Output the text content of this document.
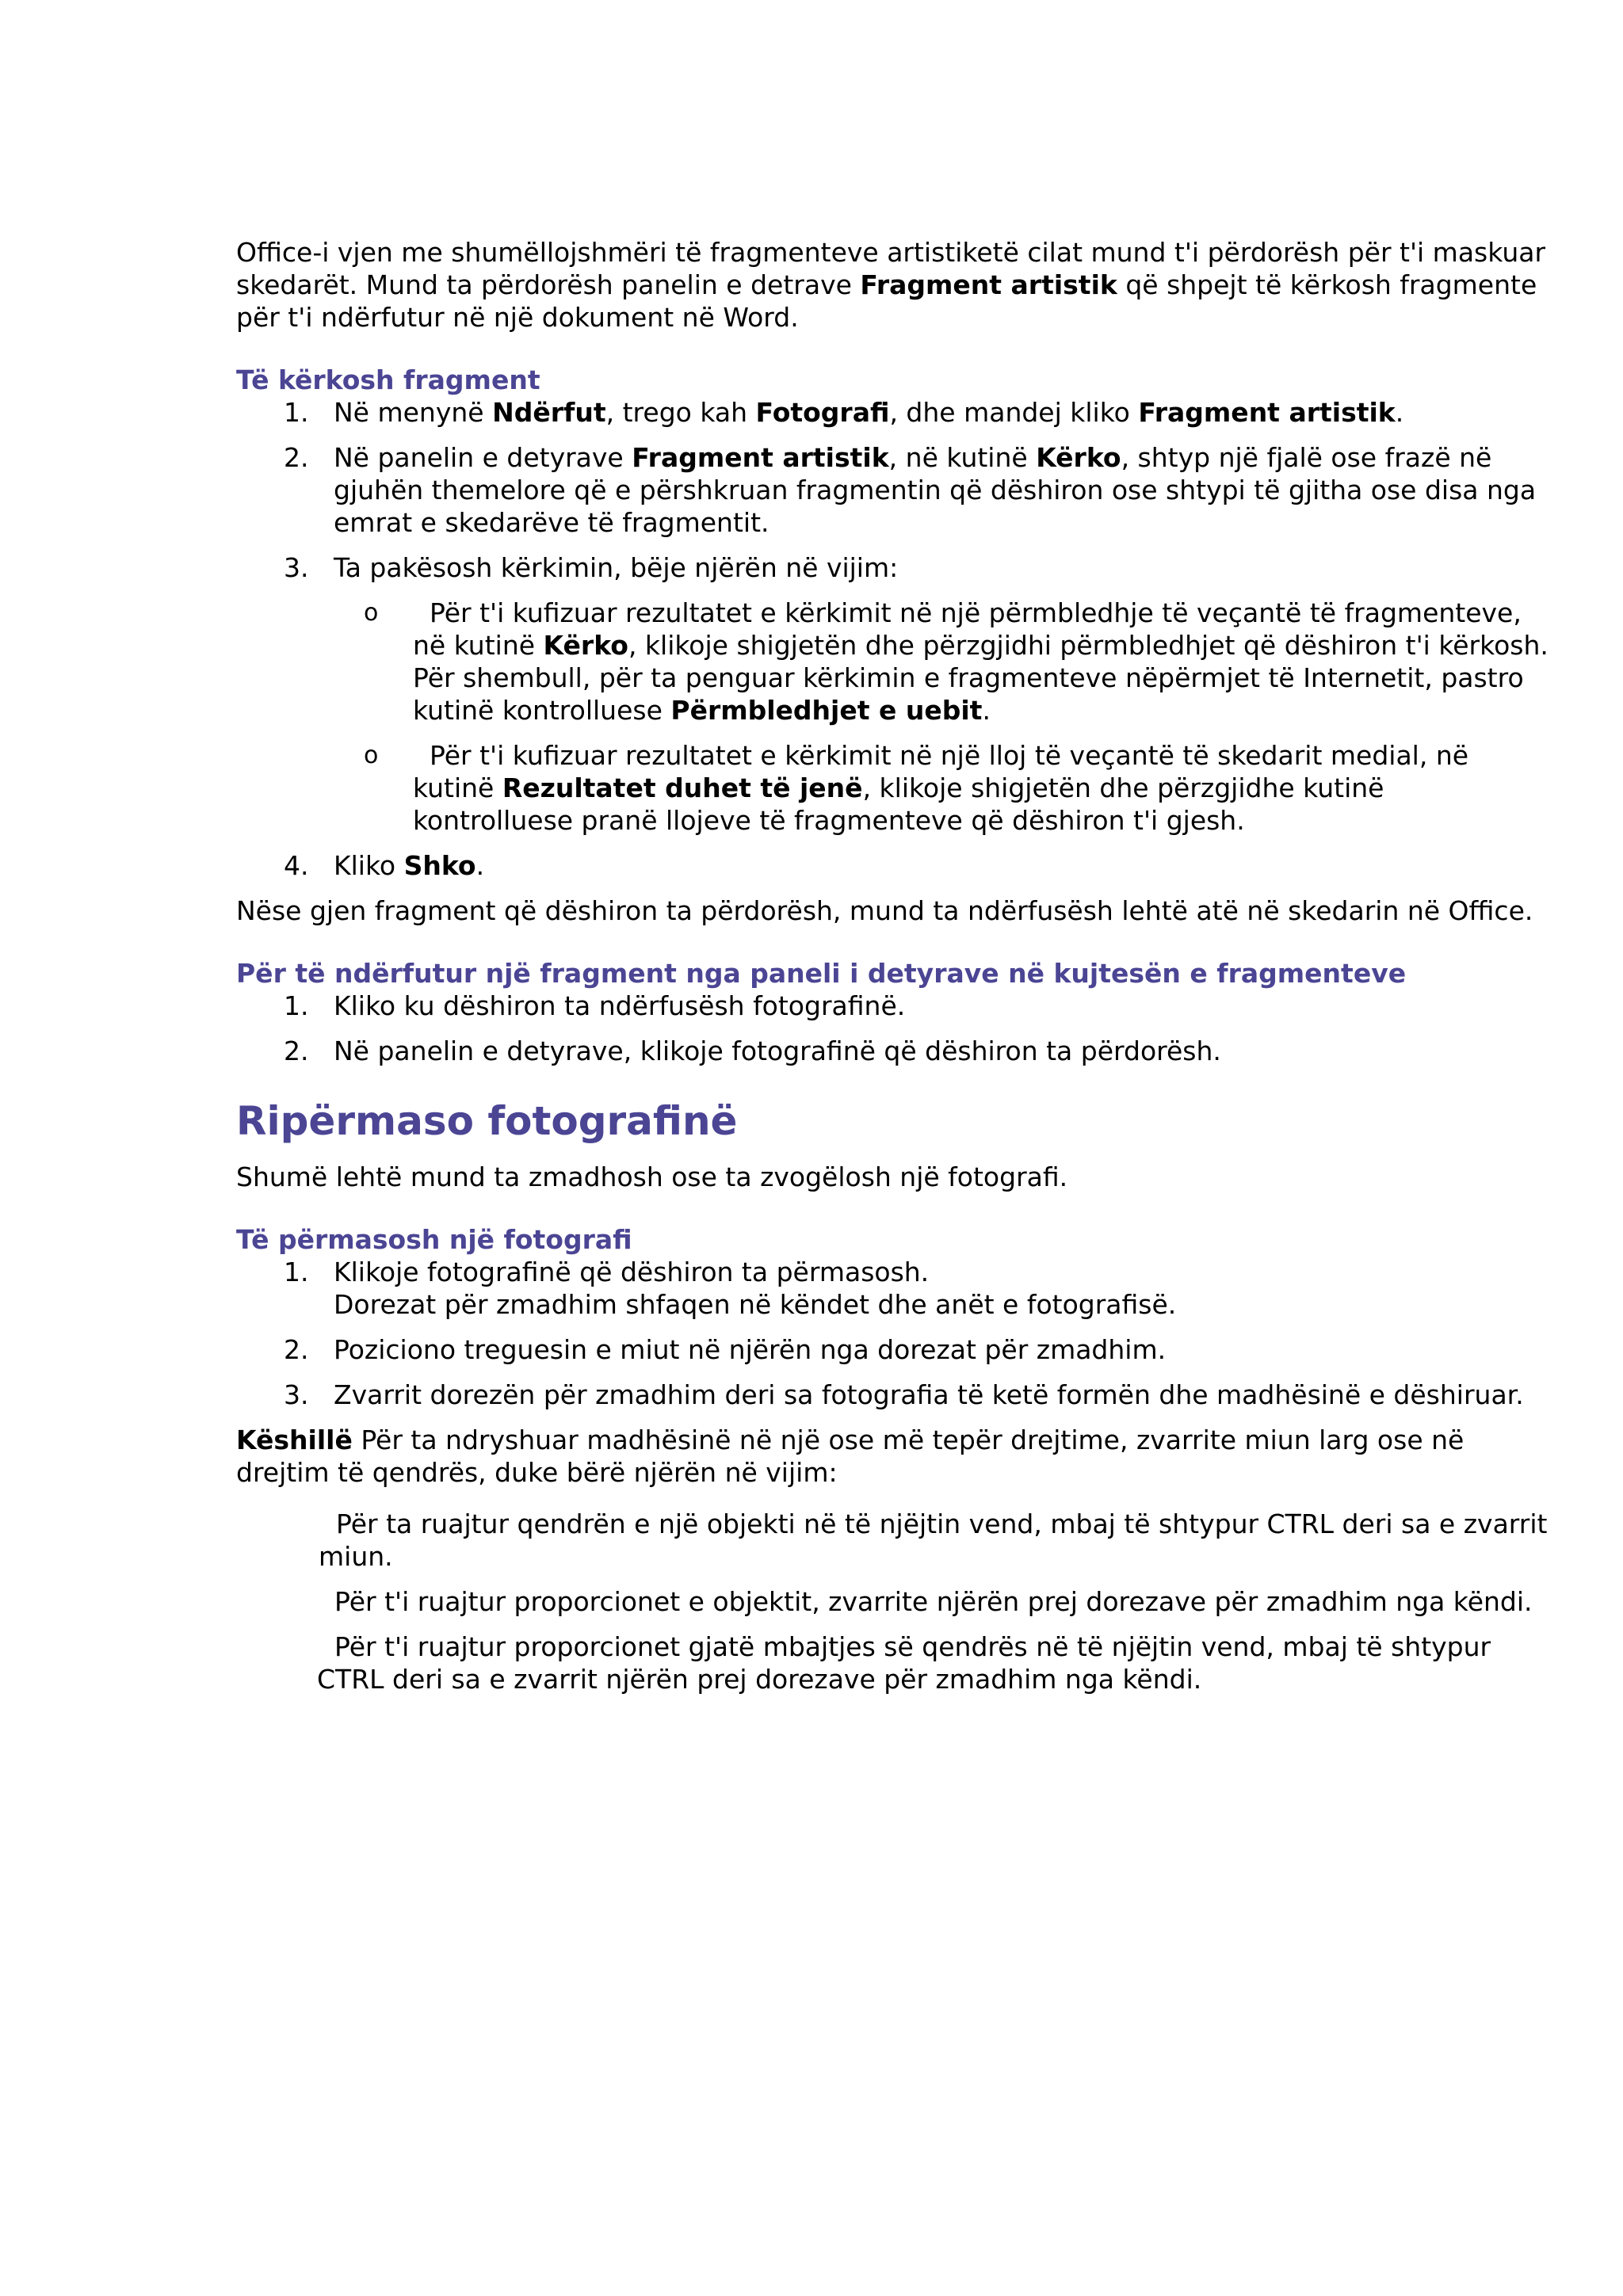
Office-i vjen me shumëllojshmëri të fragmenteve artistiketë cilat mund t'i përdorësh për t'i maskuar skedarët. Mund ta përdorësh panelin e detrave Fragment artistik që shpejt të kërkosh fragmente për t'i ndërfutur në një dokument në Word.

Të kërkosh fragment
1. Në menynë Ndërfut, trego kah Fotografi, dhe mandej kliko Fragment artistik.
2. Në panelin e detyrave Fragment artistik, në kutinë Kërko, shtyp një fjalë ose frazë në gjuhën themelore që e përshkruan fragmentin që dëshiron ose shtypi të gjitha ose disa nga emrat e skedarëve të fragmentit.
3. Ta pakësosh kërkimin, bëje njërën në vijim:
o Për t'i kufizuar rezultatet e kërkimit në një përmbledhje të veçantë të fragmenteve, në kutinë Kërko, klikoje shigjetën dhe përzgjidhi përmbledhjet që dëshiron t'i kërkosh. Për shembull, për ta penguar kërkimin e fragmenteve nëpërmjet të Internetit, pastro kutinë kontrolluese Përmbledhjet e uebit.
o Për t'i kufizuar rezultatet e kërkimit në një lloj të veçantë të skedarit medial, në kutinë Rezultatet duhet të jenë, klikoje shigjetën dhe përzgjidhe kutinë kontrolluese pranë llojeve të fragmenteve që dëshiron t'i gjesh.
4. Kliko Shko.

Nëse gjen fragment që dëshiron ta përdorësh, mund ta ndërfusësh lehtë atë në skedarin në Office.

Për të ndërfutur një fragment nga paneli i detyrave në kujtesën e fragmenteve
1. Kliko ku dëshiron ta ndërfusësh fotografinë.
2. Në panelin e detyrave, klikoje fotografinë që dëshiron ta përdorësh.
Ripërmaso fotografinë

Shumë lehtë mund ta zmadhosh ose ta zvogëlosh një fotografi.

Të përmasosh një fotografi
1. Klikoje fotografinë që dëshiron ta përmasosh.
Dorezat për zmadhim shfaqen në këndet dhe anët e fotografisë.
2. Poziciono treguesin e miut në njërën nga dorezat për zmadhim.
3. Zvarrit dorezën për zmadhim deri sa fotografia të ketë formën dhe madhësinë e dëshiruar.

Këshillë Për ta ndryshuar madhësinë në një ose më tepër drejtime, zvarrite miun larg ose në drejtim të qendrës, duke bërë njërën në vijim:

Për ta ruajtur qendrën e një objekti në të njëjtin vend, mbaj të shtypur CTRL deri sa e zvarrit miun.
Për t'i ruajtur proporcionet e objektit, zvarrite njërën prej dorezave për zmadhim nga këndi.
Për t'i ruajtur proporcionet gjatë mbajtjes së qendrës në të njëjtin vend, mbaj të shtypur CTRL deri sa e zvarrit njërën prej dorezave për zmadhim nga këndi.
